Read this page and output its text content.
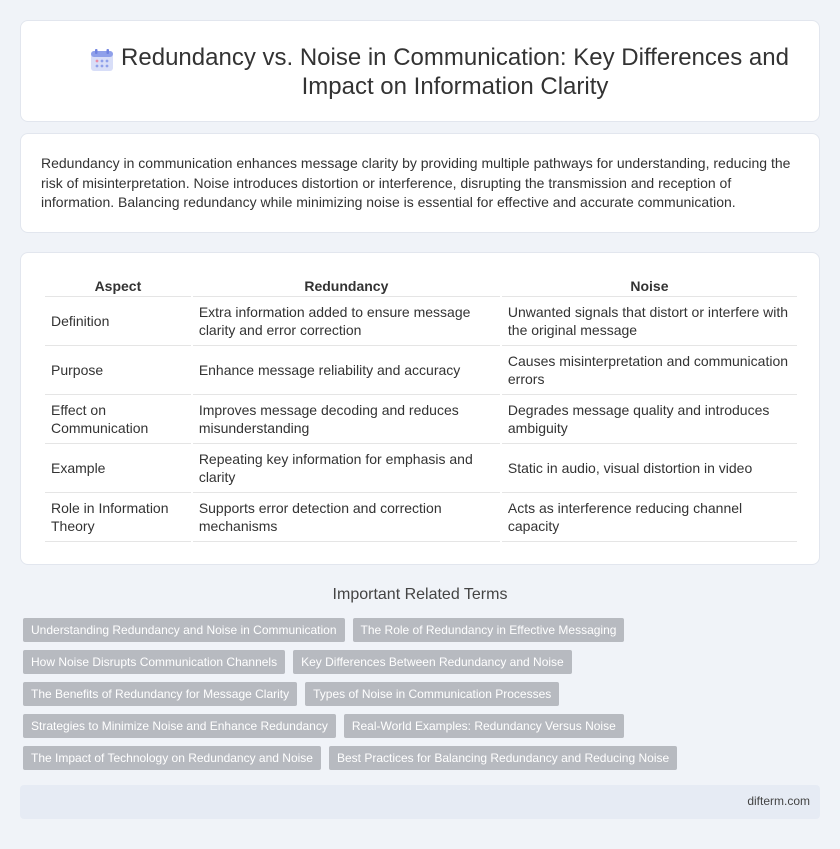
Redundancy vs. Noise in Communication: Key Differences and Impact on Information Clarity

Redundancy in communication enhances message clarity by providing multiple pathways for understanding, reducing the risk of misinterpretation. Noise introduces distortion or interference, disrupting the transmission and reception of information. Balancing redundancy while minimizing noise is essential for effective and accurate communication.

Aspect	Redundancy	Noise
Definition	Extra information added to ensure message clarity and error correction	Unwanted signals that distort or interfere with the original message
Purpose	Enhance message reliability and accuracy	Causes misinterpretation and communication errors
Effect on Communication	Improves message decoding and reduces misunderstanding	Degrades message quality and introduces ambiguity
Example	Repeating key information for emphasis and clarity	Static in audio, visual distortion in video
Role in Information Theory	Supports error detection and correction mechanisms	Acts as interference reducing channel capacity
Important Related Terms
Understanding Redundancy and Noise in Communication	The Role of Redundancy in Effective Messaging
How Noise Disrupts Communication Channels	Key Differences Between Redundancy and Noise
The Benefits of Redundancy for Message Clarity	Types of Noise in Communication Processes
Strategies to Minimize Noise and Enhance Redundancy	Real-World Examples: Redundancy Versus Noise
The Impact of Technology on Redundancy and Noise	Best Practices for Balancing Redundancy and Reducing Noise
difterm.com
